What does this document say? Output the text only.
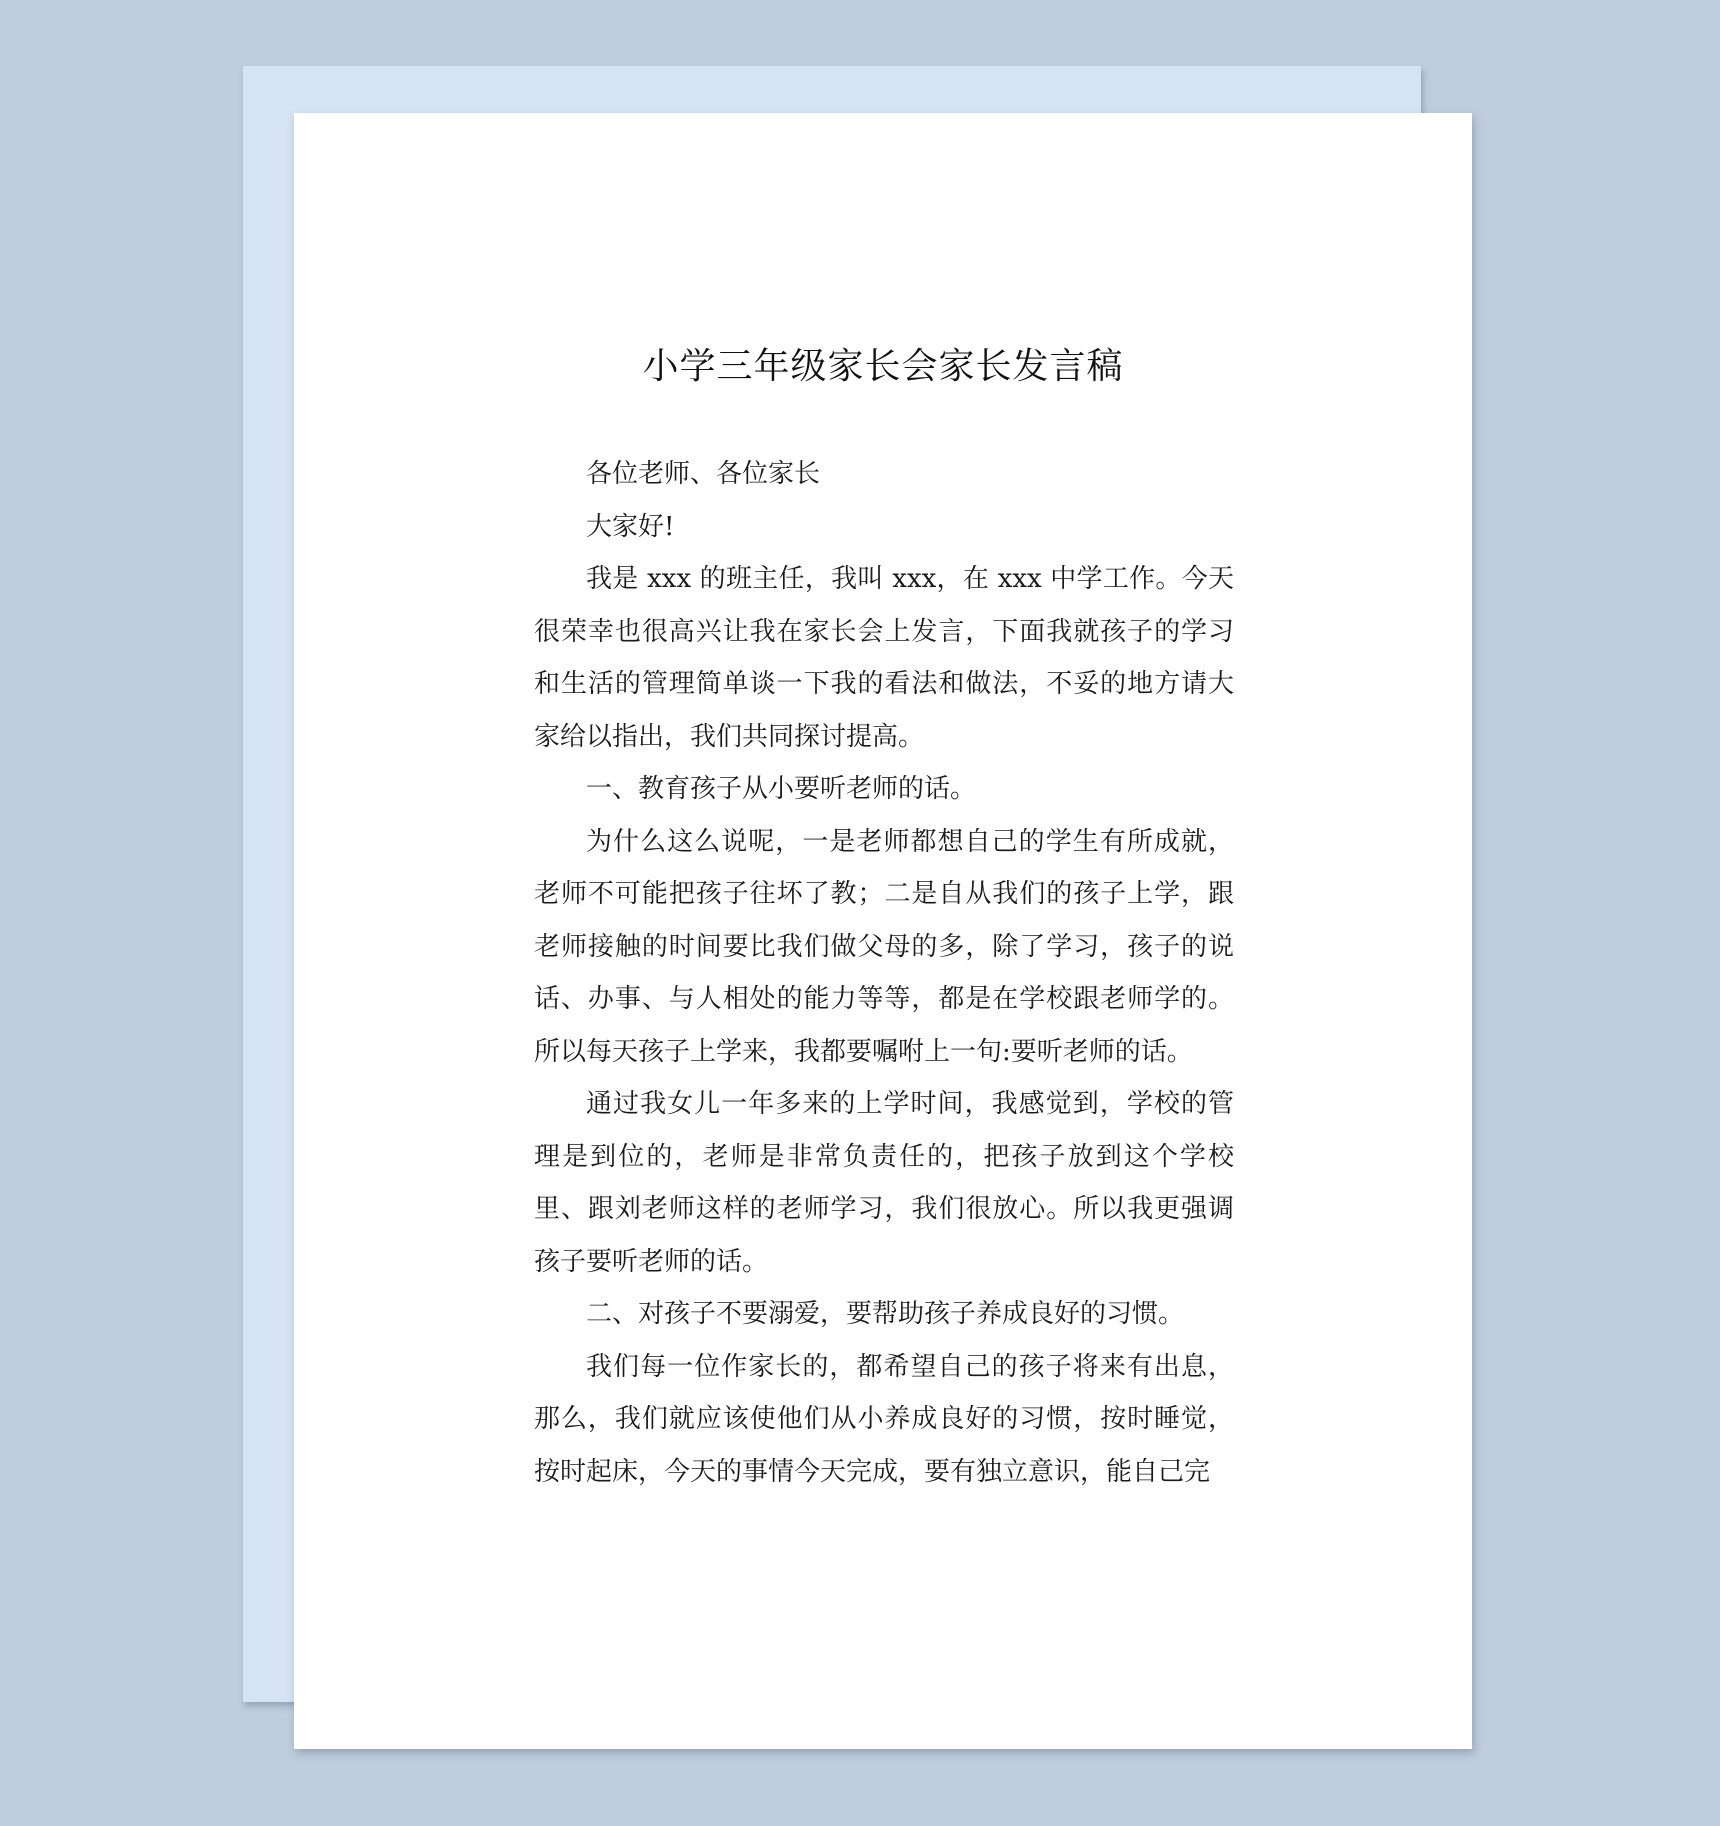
小学三年级家长会家长发言稿

各位老师、各位家长

大家好!

我是 xxx 的班主任，我叫 xxx，在 xxx 中学工作。今天很荣幸也很高兴让我在家长会上发言，下面我就孩子的学习和生活的管理简单谈一下我的看法和做法，不妥的地方请大家给以指出，我们共同探讨提高。

一、教育孩子从小要听老师的话。

为什么这么说呢，一是老师都想自己的学生有所成就，老师不可能把孩子往坏了教；二是自从我们的孩子上学，跟老师接触的时间要比我们做父母的多，除了学习，孩子的说话、办事、与人相处的能力等等，都是在学校跟老师学的。所以每天孩子上学来，我都要嘱咐上一句:要听老师的话。

通过我女儿一年多来的上学时间，我感觉到，学校的管理是到位的，老师是非常负责任的，把孩子放到这个学校里、跟刘老师这样的老师学习，我们很放心。所以我更强调孩子要听老师的话。

二、对孩子不要溺爱，要帮助孩子养成良好的习惯。

我们每一位作家长的，都希望自己的孩子将来有出息，那么，我们就应该使他们从小养成良好的习惯，按时睡觉，按时起床，今天的事情今天完成，要有独立意识，能自己完
